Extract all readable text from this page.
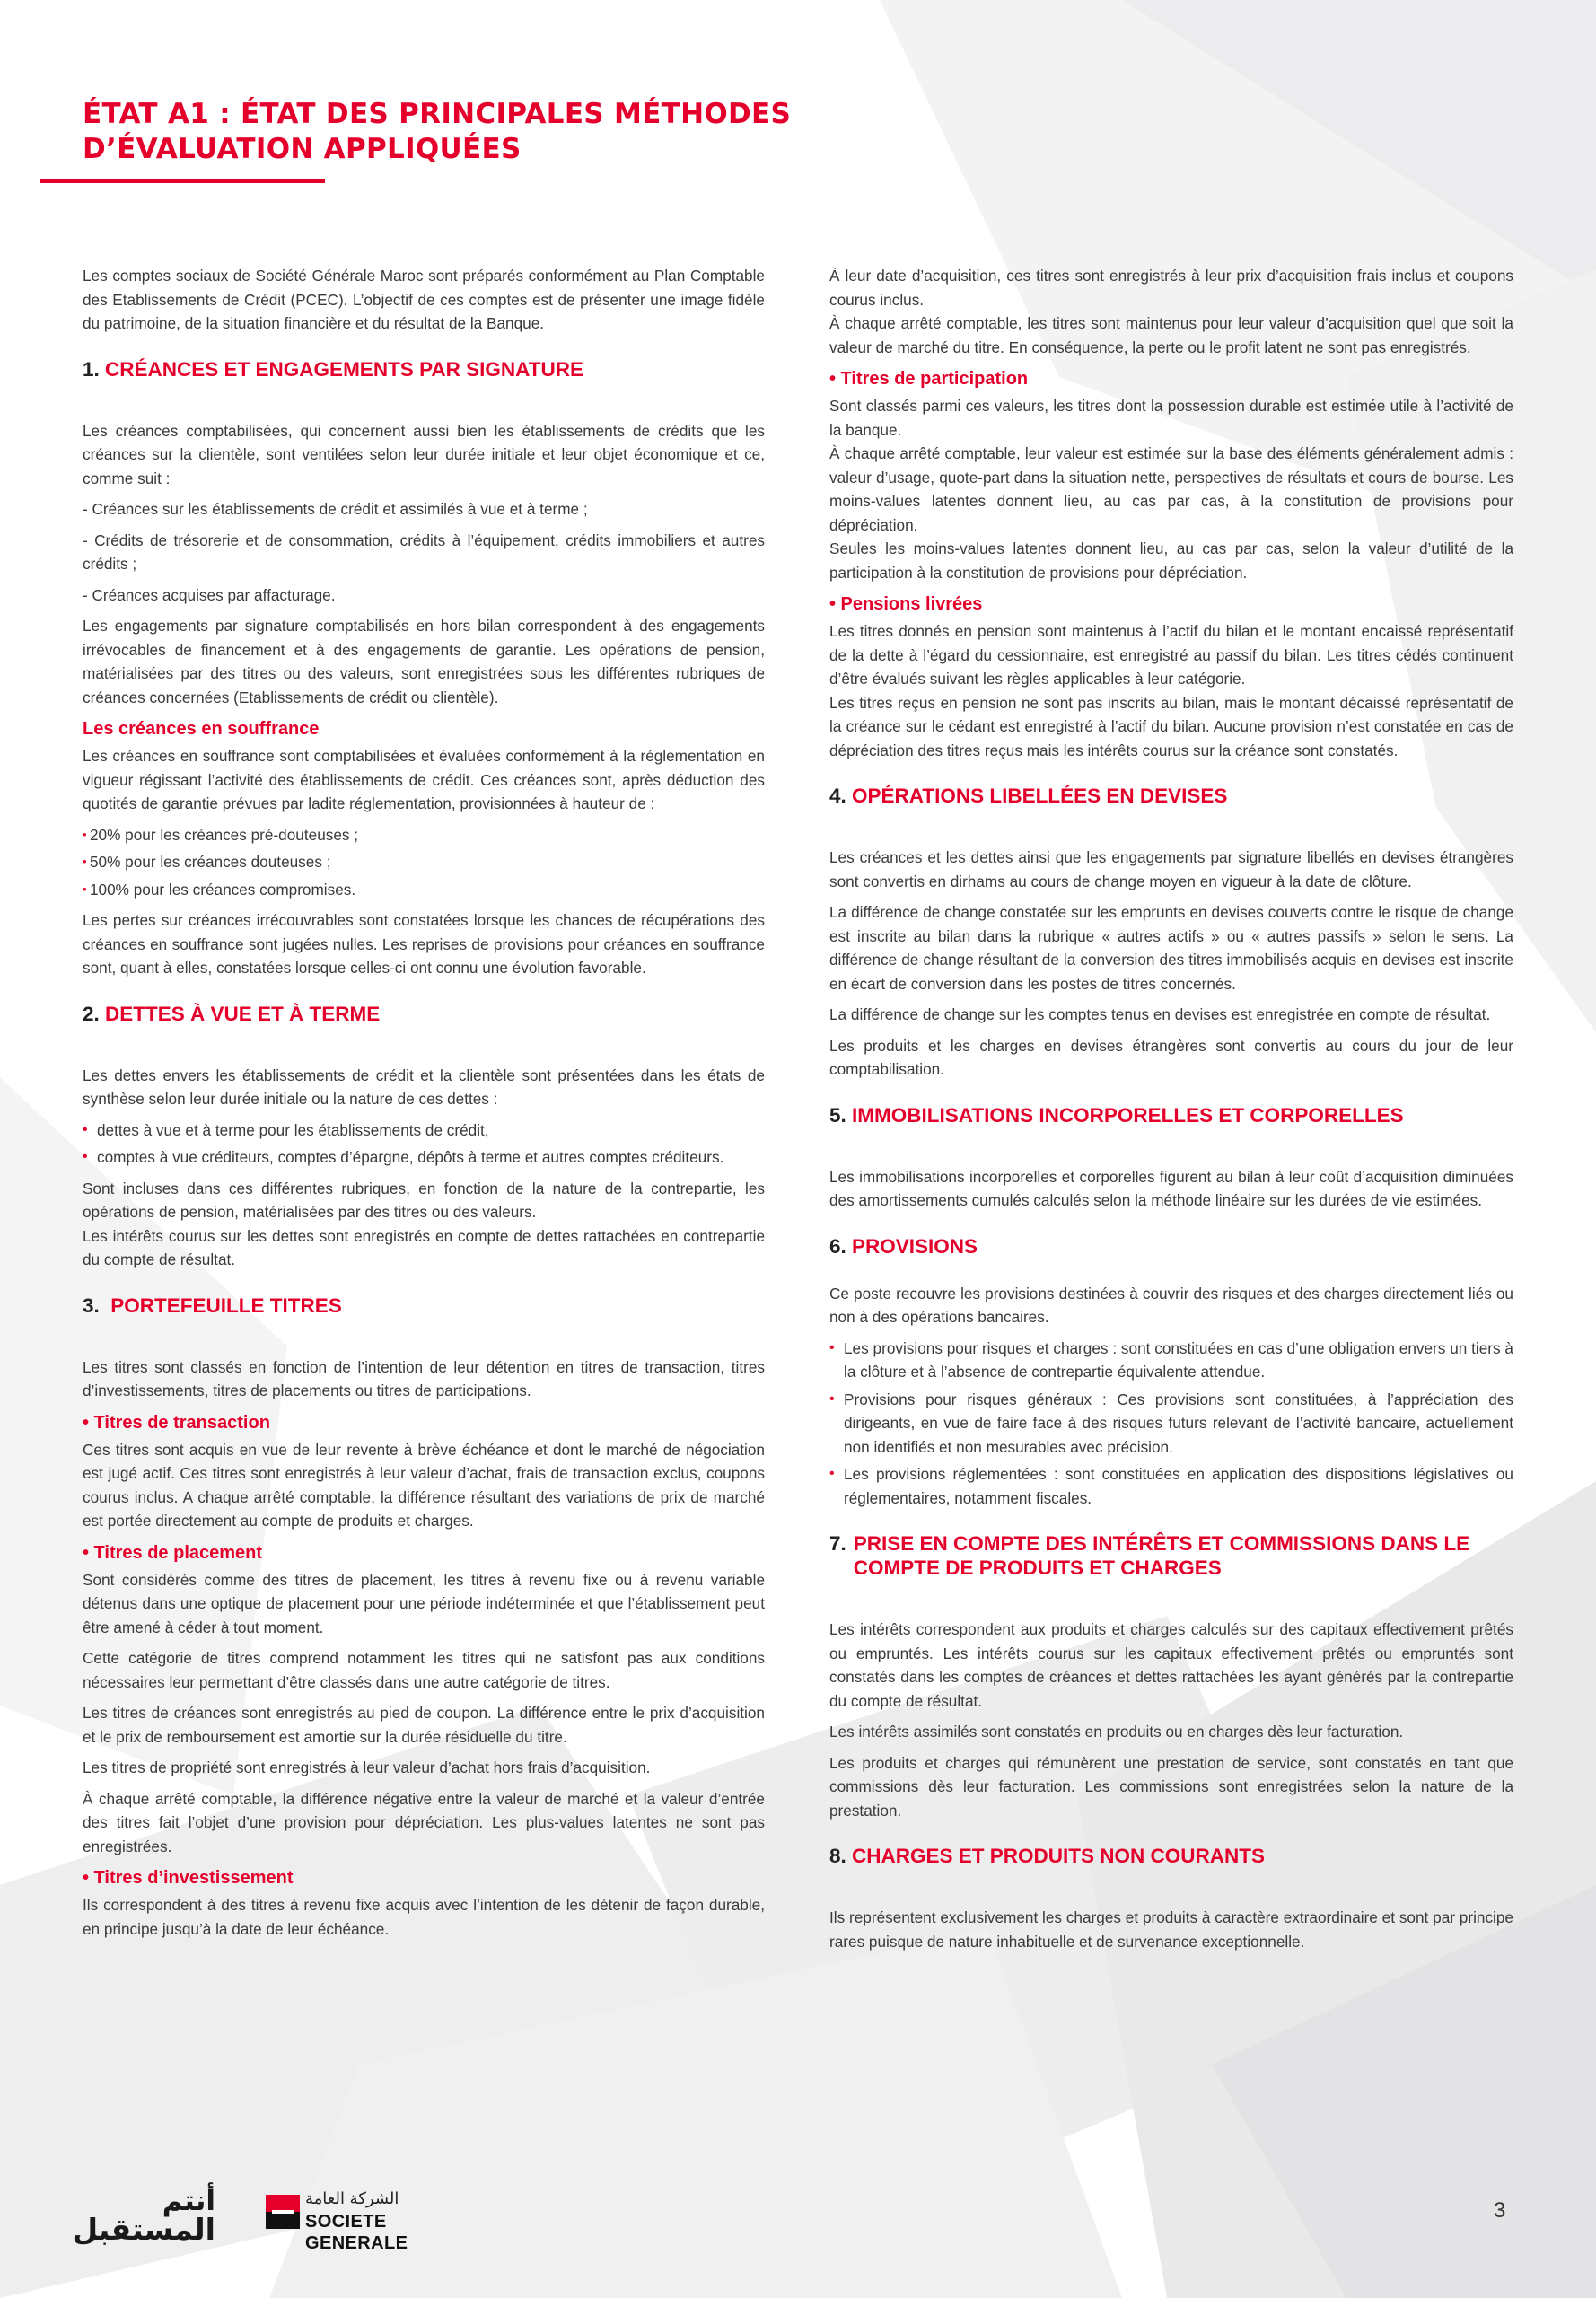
ÉTAT A1 : ÉTAT DES PRINCIPALES MÉTHODES
D’ÉVALUATION APPLIQUÉES

Les comptes sociaux de Société Générale Maroc sont préparés conformément au Plan Comptable des Etablissements de Crédit (PCEC). L’objectif de ces comptes est de présenter une image fidèle du patrimoine, de la situation financière et du résultat de la Banque.

1. CRÉANCES ET ENGAGEMENTS PAR SIGNATURE

Les créances comptabilisées, qui concernent aussi bien les établissements de crédits que les créances sur la clientèle, sont ventilées selon leur durée initiale et leur objet économique et ce, comme suit :

- Créances sur les établissements de crédit et assimilés à vue et à terme ;

- Crédits de trésorerie et de consommation, crédits à l’équipement, crédits immobiliers et autres crédits ;

- Créances acquises par affacturage.

Les engagements par signature comptabilisés en hors bilan correspondent à des engagements irrévocables de financement et à des engagements de garantie. Les opérations de pension, matérialisées par des titres ou des valeurs, sont enregistrées sous les différentes rubriques de créances concernées (Etablissements de crédit ou clientèle).

Les créances en souffrance

Les créances en souffrance sont comptabilisées et évaluées conformément à la réglementation en vigueur régissant l’activité des établissements de crédit. Ces créances sont, après déduction des quotités de garantie prévues par ladite réglementation, provisionnées à hauteur de :

• 20% pour les créances pré-douteuses ;
• 50% pour les créances douteuses ;
• 100% pour les créances compromises.

Les pertes sur créances irrécouvrables sont constatées lorsque les chances de récupérations des créances en souffrance sont jugées nulles. Les reprises de provisions pour créances en souffrance sont, quant à elles, constatées lorsque celles-ci ont connu une évolution favorable.

2. DETTES À VUE ET À TERME

Les dettes envers les établissements de crédit et la clientèle sont présentées dans les états de synthèse selon leur durée initiale ou la nature de ces dettes :

• dettes à vue et à terme pour les établissements de crédit,
• comptes à vue créditeurs, comptes d’épargne, dépôts à terme et autres comptes créditeurs.

Sont incluses dans ces différentes rubriques, en fonction de la nature de la contrepartie, les opérations de pension, matérialisées par des titres ou des valeurs.

Les intérêts courus sur les dettes sont enregistrés en compte de dettes rattachées en contrepartie du compte de résultat.

3. PORTEFEUILLE TITRES

Les titres sont classés en fonction de l’intention de leur détention en titres de transaction, titres d’investissements, titres de placements ou titres de participations.

• Titres de transaction

Ces titres sont acquis en vue de leur revente à brève échéance et dont le marché de négociation est jugé actif. Ces titres sont enregistrés à leur valeur d’achat, frais de transaction exclus, coupons courus inclus. A chaque arrêté comptable, la différence résultant des variations de prix de marché est portée directement au compte de produits et charges.

• Titres de placement

Sont considérés comme des titres de placement, les titres à revenu fixe ou à revenu variable détenus dans une optique de placement pour une période indéterminée et que l’établissement peut être amené à céder à tout moment.

Cette catégorie de titres comprend notamment les titres qui ne satisfont pas aux conditions nécessaires leur permettant d’être classés dans une autre catégorie de titres.

Les titres de créances sont enregistrés au pied de coupon. La différence entre le prix d’acquisition et le prix de remboursement est amortie sur la durée résiduelle du titre.

Les titres de propriété sont enregistrés à leur valeur d’achat hors frais d’acquisition.

À chaque arrêté comptable, la différence négative entre la valeur de marché et la valeur d’entrée des titres fait l’objet d’une provision pour dépréciation. Les plus-values latentes ne sont pas enregistrées.

• Titres d’investissement

Ils correspondent à des titres à revenu fixe acquis avec l’intention de les détenir de façon durable, en principe jusqu’à la date de leur échéance.

À leur date d’acquisition, ces titres sont enregistrés à leur prix d’acquisition frais inclus et coupons courus inclus.

À chaque arrêté comptable, les titres sont maintenus pour leur valeur d’acquisition quel que soit la valeur de marché du titre. En conséquence, la perte ou le profit latent ne sont pas enregistrés.

• Titres de participation

Sont classés parmi ces valeurs, les titres dont la possession durable est estimée utile à l’activité de la banque.

À chaque arrêté comptable, leur valeur est estimée sur la base des éléments généralement admis : valeur d’usage, quote-part dans la situation nette, perspectives de résultats et cours de bourse. Les moins-values latentes donnent lieu, au cas par cas, à la constitution de provisions pour dépréciation.

Seules les moins-values latentes donnent lieu, au cas par cas, selon la valeur d’utilité de la participation à la constitution de provisions pour dépréciation.

• Pensions livrées

Les titres donnés en pension sont maintenus à l’actif du bilan et le montant encaissé représentatif de la dette à l’égard du cessionnaire, est enregistré au passif du bilan. Les titres cédés continuent d’être évalués suivant les règles applicables à leur catégorie.

Les titres reçus en pension ne sont pas inscrits au bilan, mais le montant décaissé représentatif de la créance sur le cédant est enregistré à l’actif du bilan. Aucune provision n’est constatée en cas de dépréciation des titres reçus mais les intérêts courus sur la créance sont constatés.

4. OPÉRATIONS LIBELLÉES EN DEVISES

Les créances et les dettes ainsi que les engagements par signature libellés en devises étrangères sont convertis en dirhams au cours de change moyen en vigueur à la date de clôture.

La différence de change constatée sur les emprunts en devises couverts contre le risque de change est inscrite au bilan dans la rubrique « autres actifs » ou « autres passifs » selon le sens. La différence de change résultant de la conversion des titres immobilisés acquis en devises est inscrite en écart de conversion dans les postes de titres concernés.

La différence de change sur les comptes tenus en devises est enregistrée en compte de résultat.

Les produits et les charges en devises étrangères sont convertis au cours du jour de leur comptabilisation.

5. IMMOBILISATIONS INCORPORELLES ET CORPORELLES

Les immobilisations incorporelles et corporelles figurent au bilan à leur coût d’acquisition diminuées des amortissements cumulés calculés selon la méthode linéaire sur les durées de vie estimées.

6. PROVISIONS

Ce poste recouvre les provisions destinées à couvrir des risques et des charges directement liés ou non à des opérations bancaires.

• Les provisions pour risques et charges : sont constituées en cas d’une obligation envers un tiers à la clôture et à l’absence de contrepartie équivalente attendue.
• Provisions pour risques généraux : Ces provisions sont constituées, à l’appréciation des dirigeants, en vue de faire face à des risques futurs relevant de l’activité bancaire, actuellement non identifiés et non mesurables avec précision.
• Les provisions réglementées : sont constituées en application des dispositions législatives ou réglementaires, notamment fiscales.
7. PRISE EN COMPTE DES INTÉRÊTS ET COMMISSIONS DANS LE COMPTE DE PRODUITS ET CHARGES

Les intérêts correspondent aux produits et charges calculés sur des capitaux effectivement prêtés ou empruntés. Les intérêts courus sur les capitaux effectivement prêtés ou empruntés sont constatés dans les comptes de créances et dettes rattachées les ayant générés par la contrepartie du compte de résultat.

Les intérêts assimilés sont constatés en produits ou en charges dès leur facturation.

Les produits et charges qui rémunèrent une prestation de service, sont constatés en tant que commissions dès leur facturation. Les commissions sont enregistrées selon la nature de la prestation.

8. CHARGES ET PRODUITS NON COURANTS

Ils représentent exclusivement les charges et produits à caractère extraordinaire et sont par principe rares puisque de nature inhabituelle et de survenance exceptionnelle.

أنتم
المستقبل
الشركة العامة
SOCIETE GENERALE
3
